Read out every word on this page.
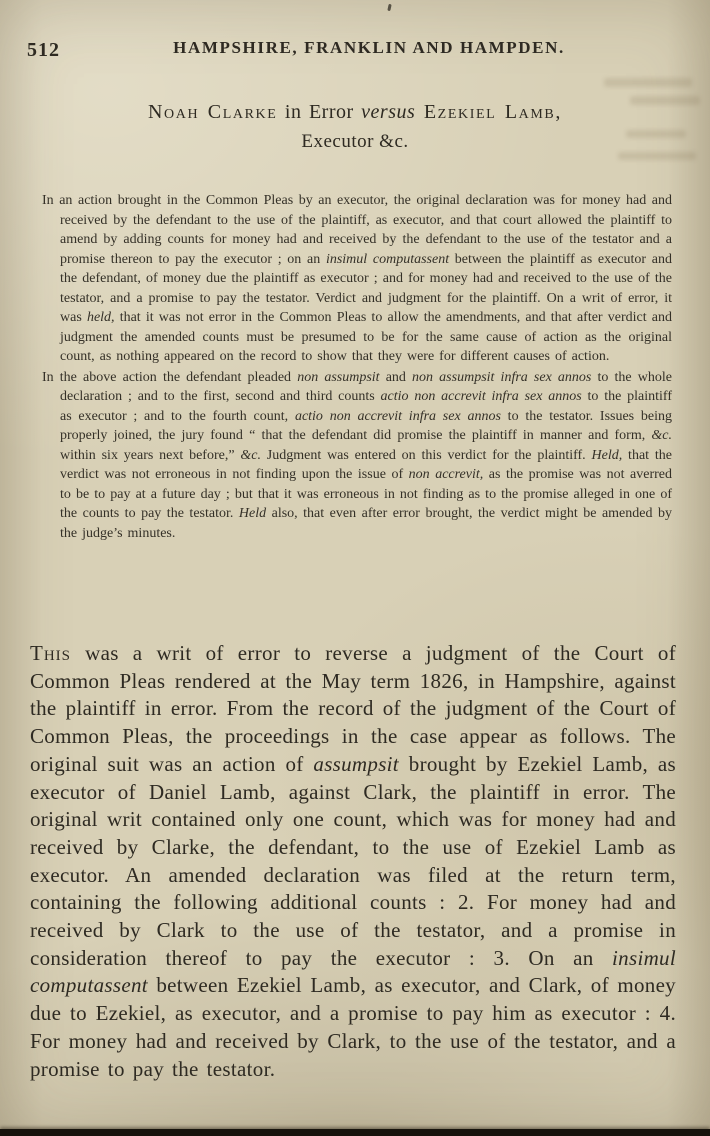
512	HAMPSHIRE, FRANKLIN AND HAMPDEN.
Noah Clarke in Error versus Ezekiel Lamb,
Executor &c.

In an action brought in the Common Pleas by an executor, the original declaration was for money had and received by the defendant to the use of the plaintiff, as executor, and that court allowed the plaintiff to amend by adding counts for money had and received by the defendant to the use of the testator and a promise thereon to pay the executor ; on an insimul computassent between the plaintiff as executor and the defendant, of money due the plaintiff as executor ; and for money had and received to the use of the testator, and a promise to pay the testator. Verdict and judgment for the plaintiff. On a writ of error, it was held, that it was not error in the Common Pleas to allow the amendments, and that after verdict and judgment the amended counts must be presumed to be for the same cause of action as the original count, as nothing appeared on the record to show that they were for different causes of action.

In the above action the defendant pleaded non assumpsit and non assumpsit infra sex annos to the whole declaration ; and to the first, second and third counts actio non accrevit infra sex annos to the plaintiff as executor ; and to the fourth count, actio non accrevit infra sex annos to the testator. Issues being properly joined, the jury found “ that the defendant did promise the plaintiff in manner and form, &c. within six years next before,” &c. Judgment was entered on this verdict for the plaintiff. Held, that the verdict was not erroneous in not finding upon the issue of non accrevit, as the promise was not averred to be to pay at a future day ; but that it was erroneous in not finding as to the promise alleged in one of the counts to pay the testator. Held also, that even after error brought, the verdict might be amended by the judge’s minutes.

This was a writ of error to reverse a judgment of the Court of Common Pleas rendered at the May term 1826, in Hampshire, against the plaintiff in error. From the record of the judgment of the Court of Common Pleas, the proceedings in the case appear as follows. The original suit was an action of assumpsit brought by Ezekiel Lamb, as executor of Daniel Lamb, against Clark, the plaintiff in error. The original writ contained only one count, which was for money had and received by Clarke, the defendant, to the use of Ezekiel Lamb as executor. An amended declaration was filed at the return term, containing the following additional counts : 2. For money had and received by Clark to the use of the testator, and a promise in consideration thereof to pay the executor : 3. On an insimul computassent between Ezekiel Lamb, as executor, and Clark, of money due to Ezekiel, as executor, and a promise to pay him as executor : 4. For money had and received by Clark, to the use of the testator, and a promise to pay the testator.
